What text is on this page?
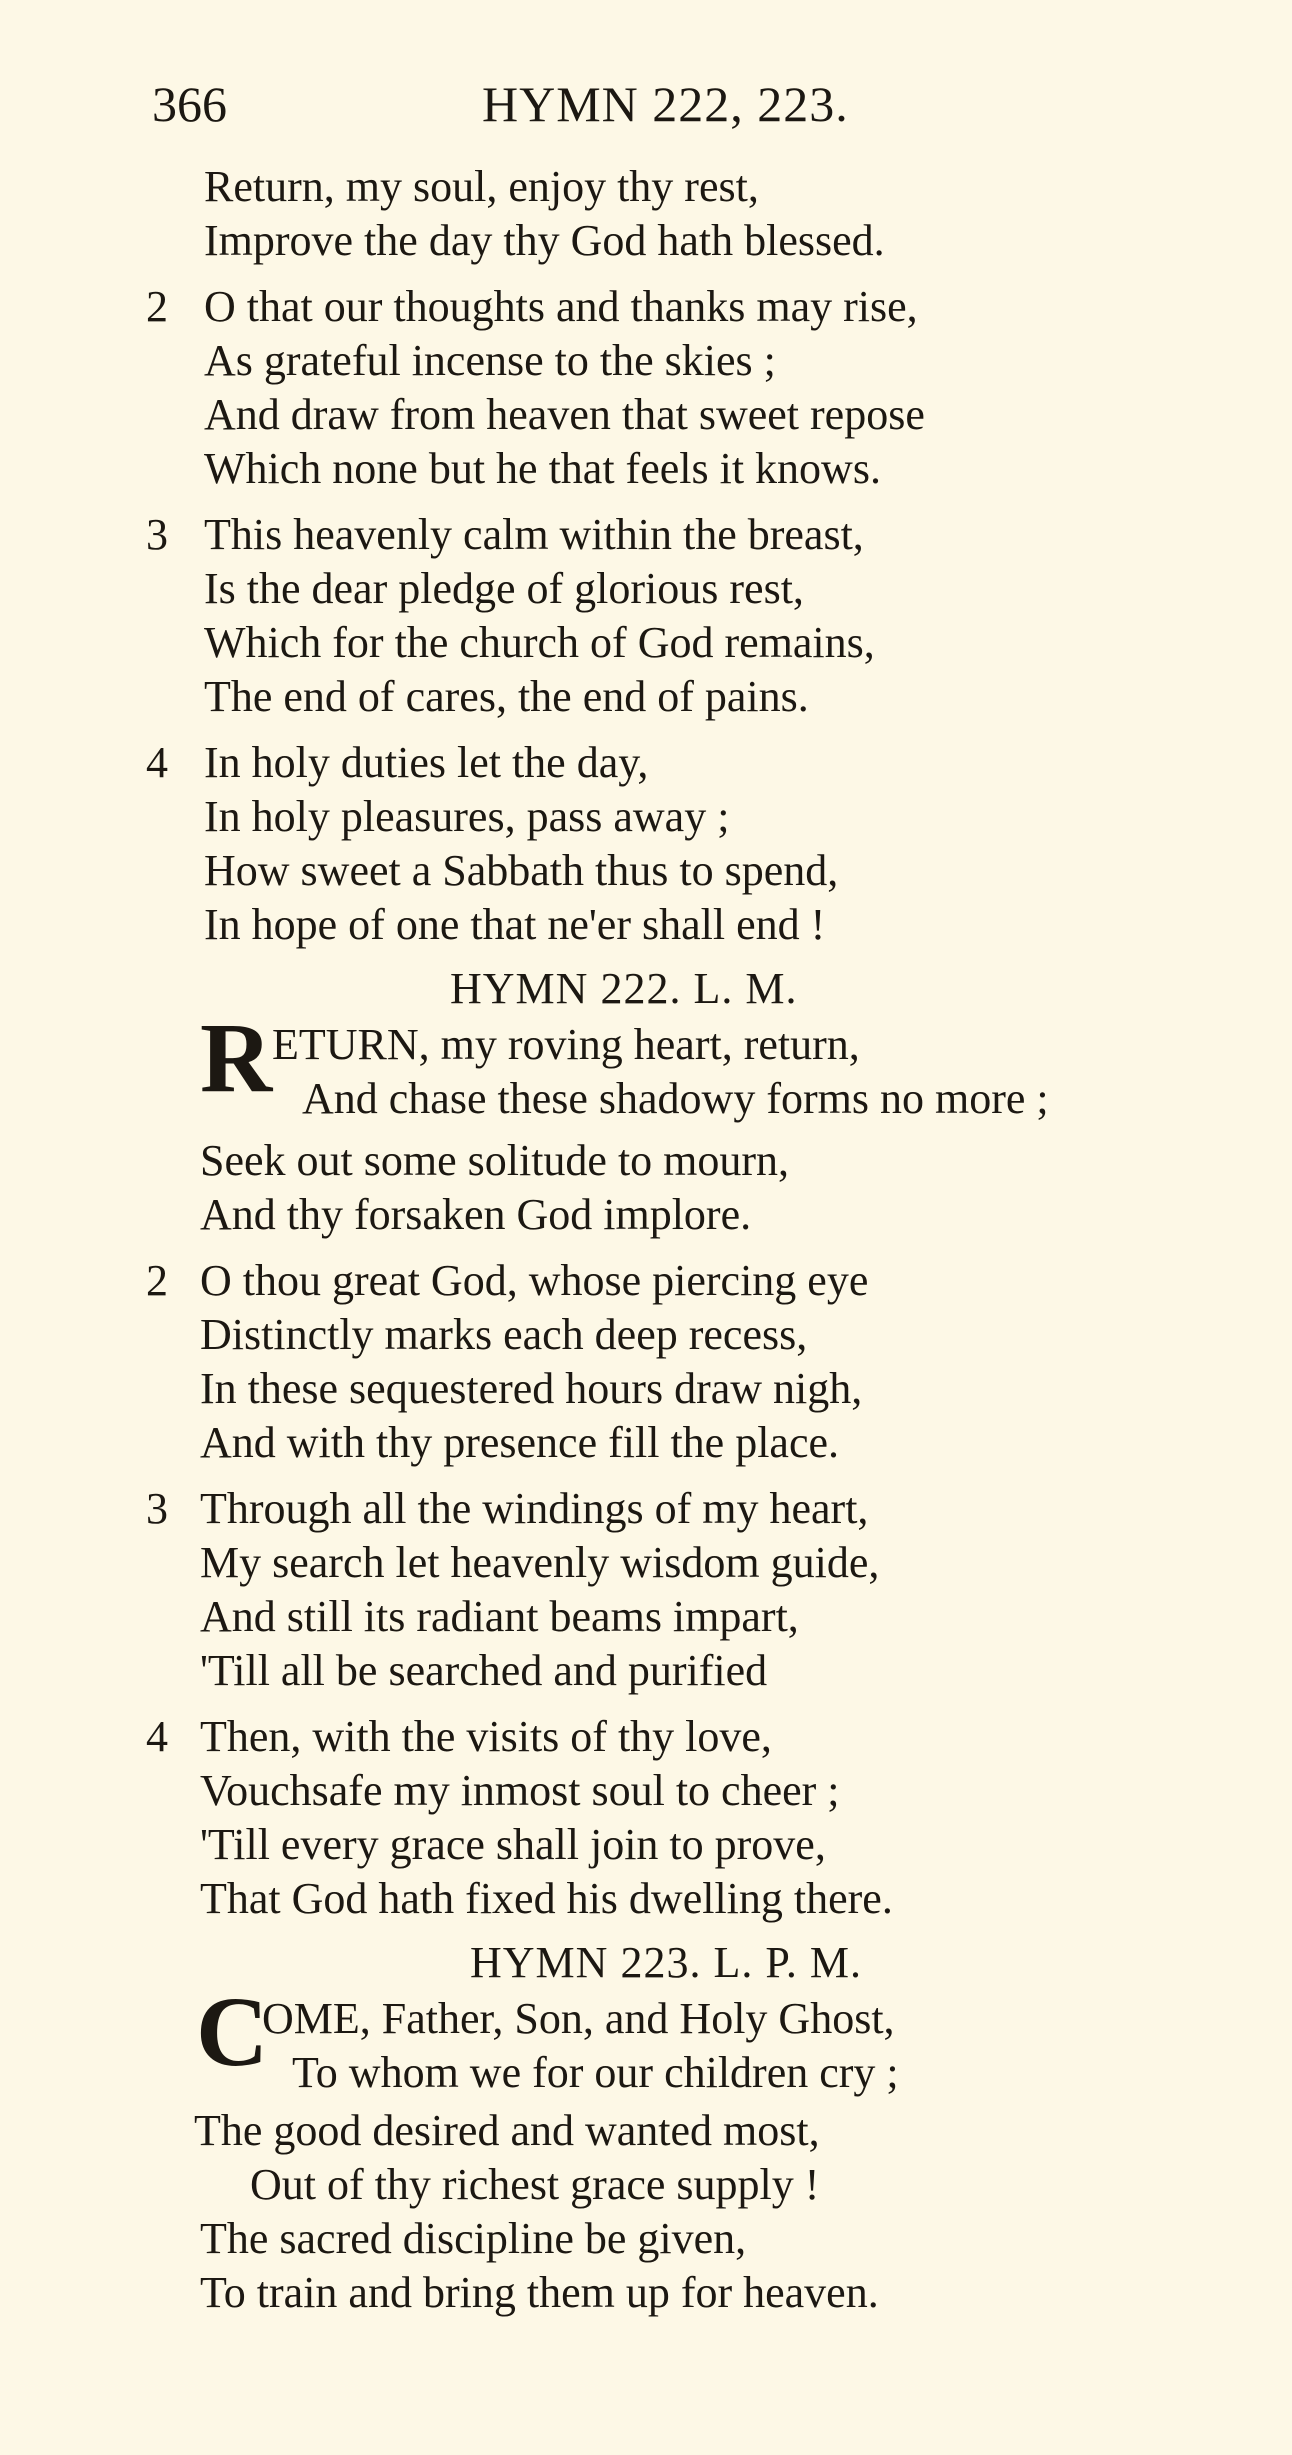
366	HYMN 222, 223.
Return, my soul, enjoy thy rest,
Improve the day thy God hath blessed.
2 O that our thoughts and thanks may rise,
As grateful incense to the skies ;
And draw from heaven that sweet repose
Which none but he that feels it knows.
3 This heavenly calm within the breast,
Is the dear pledge of glorious rest,
Which for the church of God remains,
The end of cares, the end of pains.
4 In holy duties let the day,
In holy pleasures, pass away ;
How sweet a Sabbath thus to spend,
In hope of one that ne'er shall end !
HYMN 222. L. M.
R ETURN, my roving heart, return,
And chase these shadowy forms no more ;
Seek out some solitude to mourn,
And thy forsaken God implore.
2 O thou great God, whose piercing eye
Distinctly marks each deep recess,
In these sequestered hours draw nigh,
And with thy presence fill the place.
3 Through all the windings of my heart,
My search let heavenly wisdom guide,
And still its radiant beams impart,
'Till all be searched and purified
4 Then, with the visits of thy love,
Vouchsafe my inmost soul to cheer ;
'Till every grace shall join to prove,
That God hath fixed his dwelling there.
HYMN 223. L. P. M.
C
OME, Father, Son, and Holy Ghost,
To whom we for our children cry ;
The good desired and wanted most,
Out of thy richest grace supply !
The sacred discipline be given,
To train and bring them up for heaven.
